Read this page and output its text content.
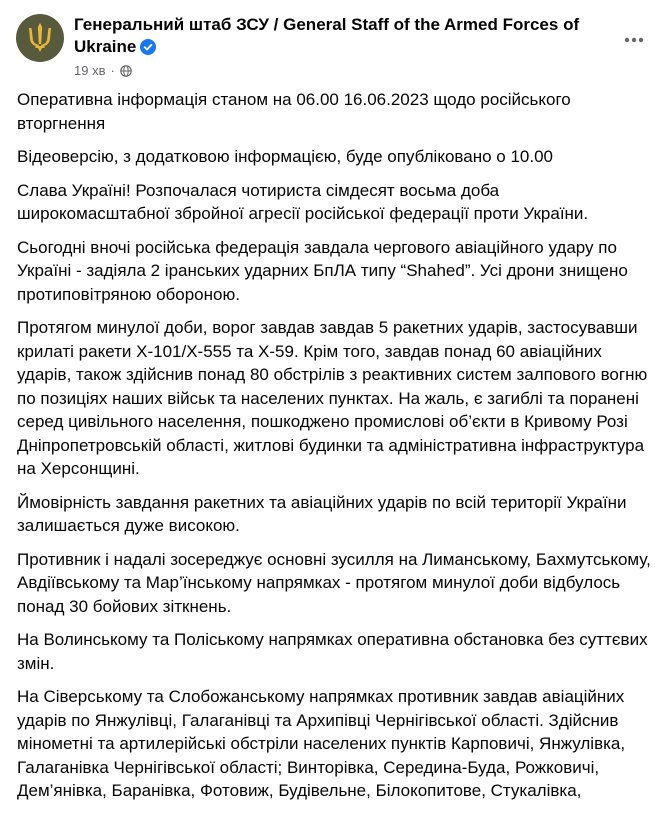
Генеральний штаб ЗСУ / General Staff of the Armed Forces of Ukraine
19 хв ·

Оперативна інформація станом на 06.00 16.06.2023 щодо російського вторгнення

Відеоверсію, з додатковою інформацією, буде опубліковано о 10.00

Слава Україні! Розпочалася чотириста сімдесят восьма доба широкомасштабної збройної агресії російської федерації проти України.

Сьогодні вночі російська федерація завдала чергового авіаційного удару по Україні - задіяла 2 іранських ударних БпЛА типу “Shahed”. Усі дрони знищено протиповітряною обороною.

Протягом минулої доби, ворог завдав завдав 5 ракетних ударів, застосувавши крилаті ракети Х-101/Х-555 та Х-59. Крім того, завдав понад 60 авіаційних ударів, також здійснив понад 80 обстрілів з реактивних систем залпового вогню по позиціях наших військ та населених пунктах. На жаль, є загиблі та поранені серед цивільного населення, пошкоджено промислові об’єкти в Кривому Розі Дніпропетровській області, житлові будинки та адміністративна інфраструктура на Херсонщині.

Ймовірність завдання ракетних та авіаційних ударів по всій території України залишається дуже високою.

Противник і надалі зосереджує основні зусилля на Лиманському, Бахмутському, Авдіївському та Мар’їнському напрямках - протягом минулої доби відбулось понад 30 бойових зіткнень.

На Волинському та Поліському напрямках оперативна обстановка без суттєвих змін.

На Сіверському та Слобожанському напрямках противник завдав авіаційних ударів по Янжулівці, Галаганівці та Архипівці Чернігівської області. Здійснив мінометні та артилерійські обстріли населених пунктів Карповичі, Янжулівка, Галаганівка Чернігівської області; Винторівка, Середина-Буда, Рожковичі, Дем’янівка, Баранівка, Фотовиж, Будівельне, Білокопитове, Стукалівка,
